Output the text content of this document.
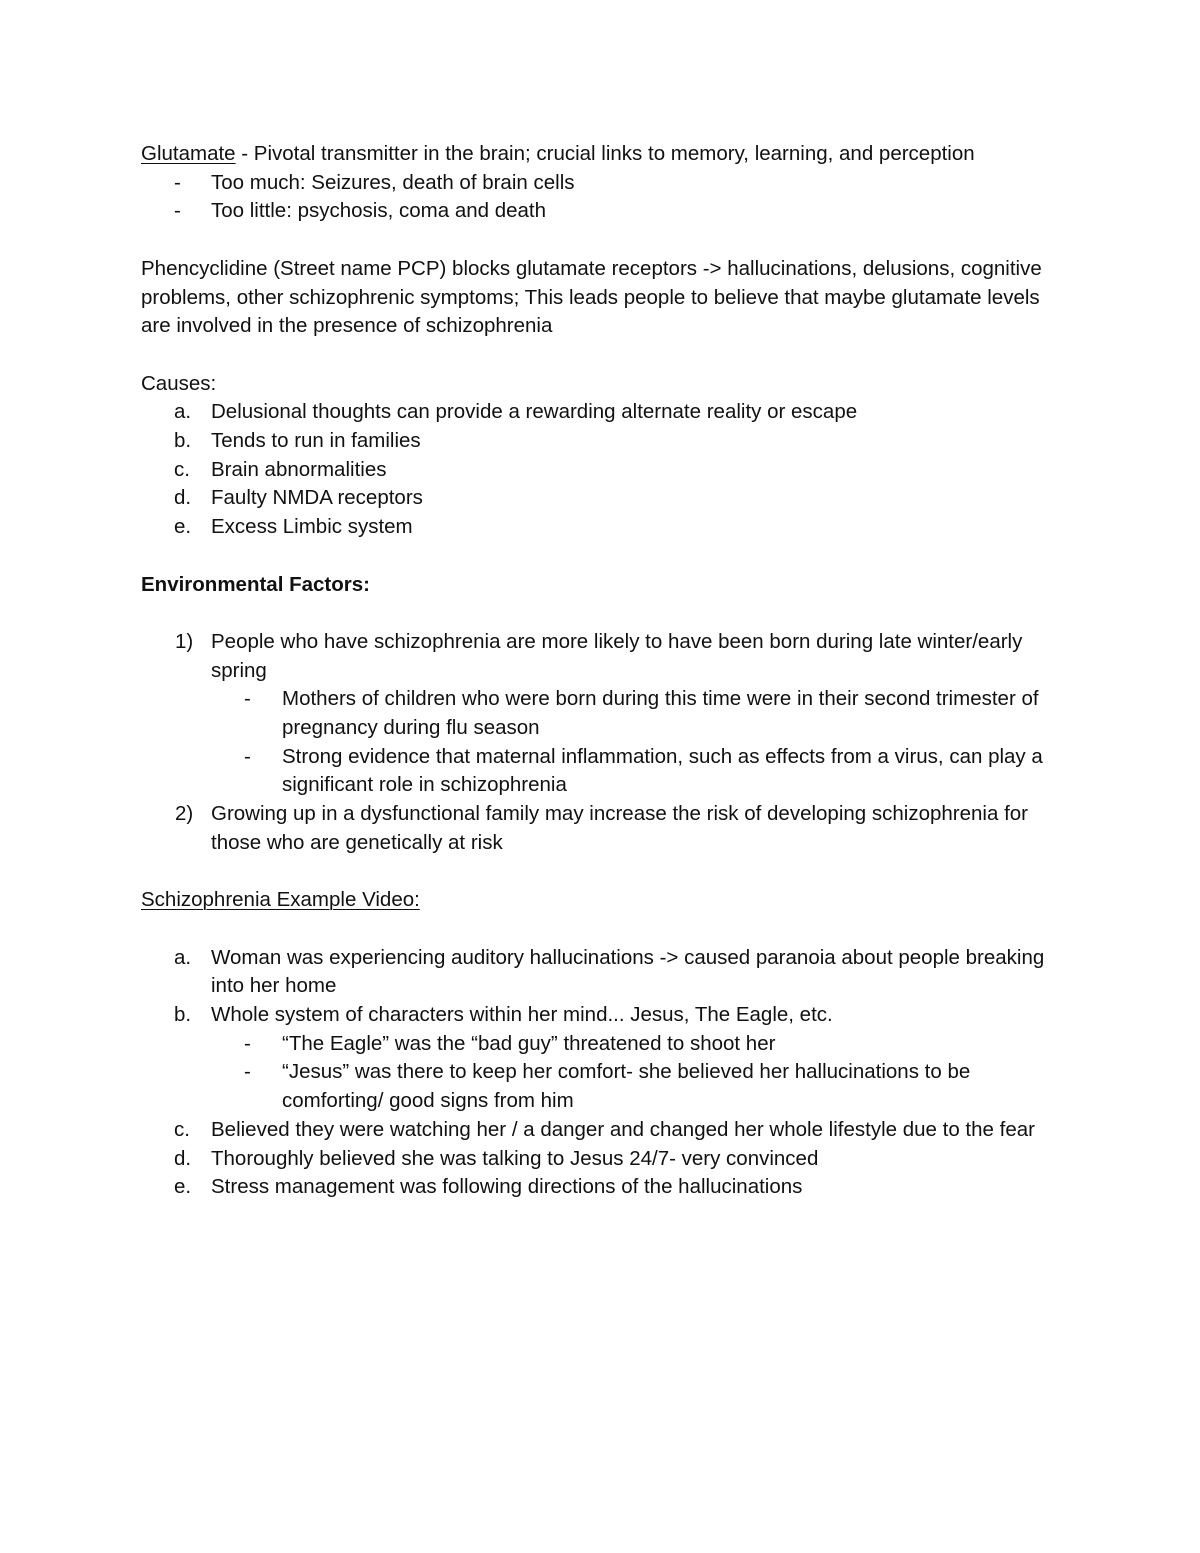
Glutamate - Pivotal transmitter in the brain; crucial links to memory, learning, and perception

- Too much: Seizures, death of brain cells
- Too little: psychosis, coma and death

Phencyclidine (Street name PCP) blocks glutamate receptors -> hallucinations, delusions, cognitive problems, other schizophrenic symptoms; This leads people to believe that maybe glutamate levels are involved in the presence of schizophrenia

Causes:

a. Delusional thoughts can provide a rewarding alternate reality or escape
b. Tends to run in families
c. Brain abnormalities
d. Faulty NMDA receptors
e. Excess Limbic system

Environmental Factors:

1) People who have schizophrenia are more likely to have been born during late winter/early spring
- Mothers of children who were born during this time were in their second trimester of pregnancy during flu season
- Strong evidence that maternal inflammation, such as effects from a virus, can play a significant role in schizophrenia
2) Growing up in a dysfunctional family may increase the risk of developing schizophrenia for those who are genetically at risk

Schizophrenia Example Video:

a. Woman was experiencing auditory hallucinations -> caused paranoia about people breaking into her home
b. Whole system of characters within her mind... Jesus, The Eagle, etc.
- “The Eagle” was the “bad guy” threatened to shoot her
- “Jesus” was there to keep her comfort- she believed her hallucinations to be comforting/ good signs from him
c. Believed they were watching her / a danger and changed her whole lifestyle due to the fear
d. Thoroughly believed she was talking to Jesus 24/7- very convinced
e. Stress management was following directions of the hallucinations
